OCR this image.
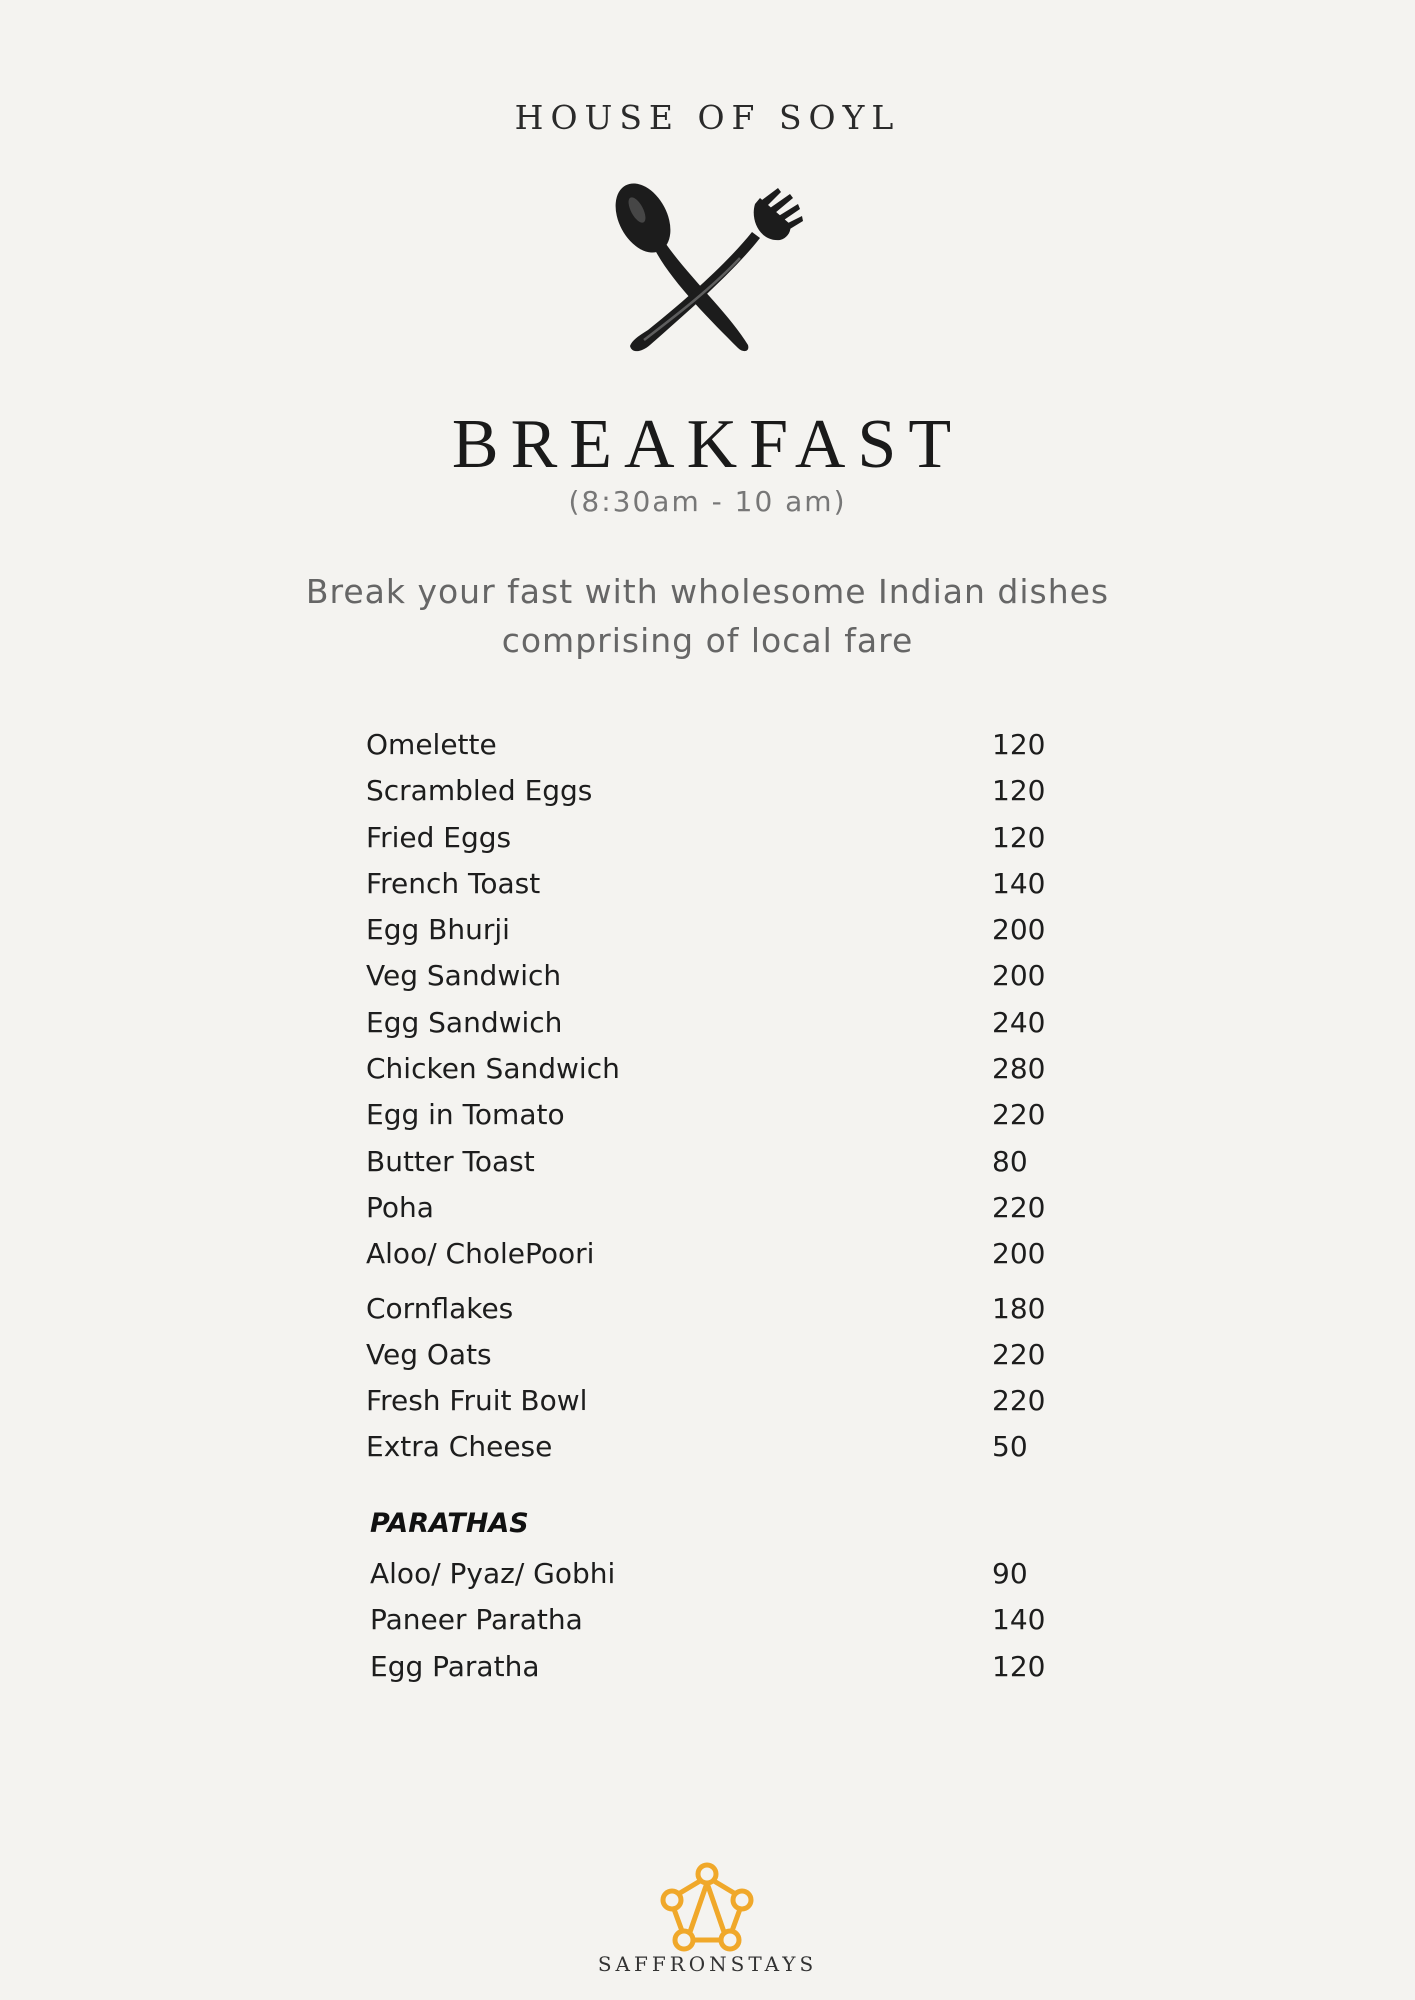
HOUSE OF SOYL
BREAKFAST
(8:30am - 10 am)
Break your fast with wholesome Indian dishes
comprising of local fare
Omelette	120
Scrambled Eggs	120
Fried Eggs	120
French Toast	140
Egg Bhurji	200
Veg Sandwich	200
Egg Sandwich	240
Chicken Sandwich	280
Egg in Tomato	220
Butter Toast	80
Poha	220
Aloo/ CholePoori	200
Cornflakes	180
Veg Oats	220
Fresh Fruit Bowl	220
Extra Cheese	50
PARATHAS
Aloo/ Pyaz/ Gobhi	90
Paneer Paratha	140
Egg Paratha	120
SAFFRONSTAYS
